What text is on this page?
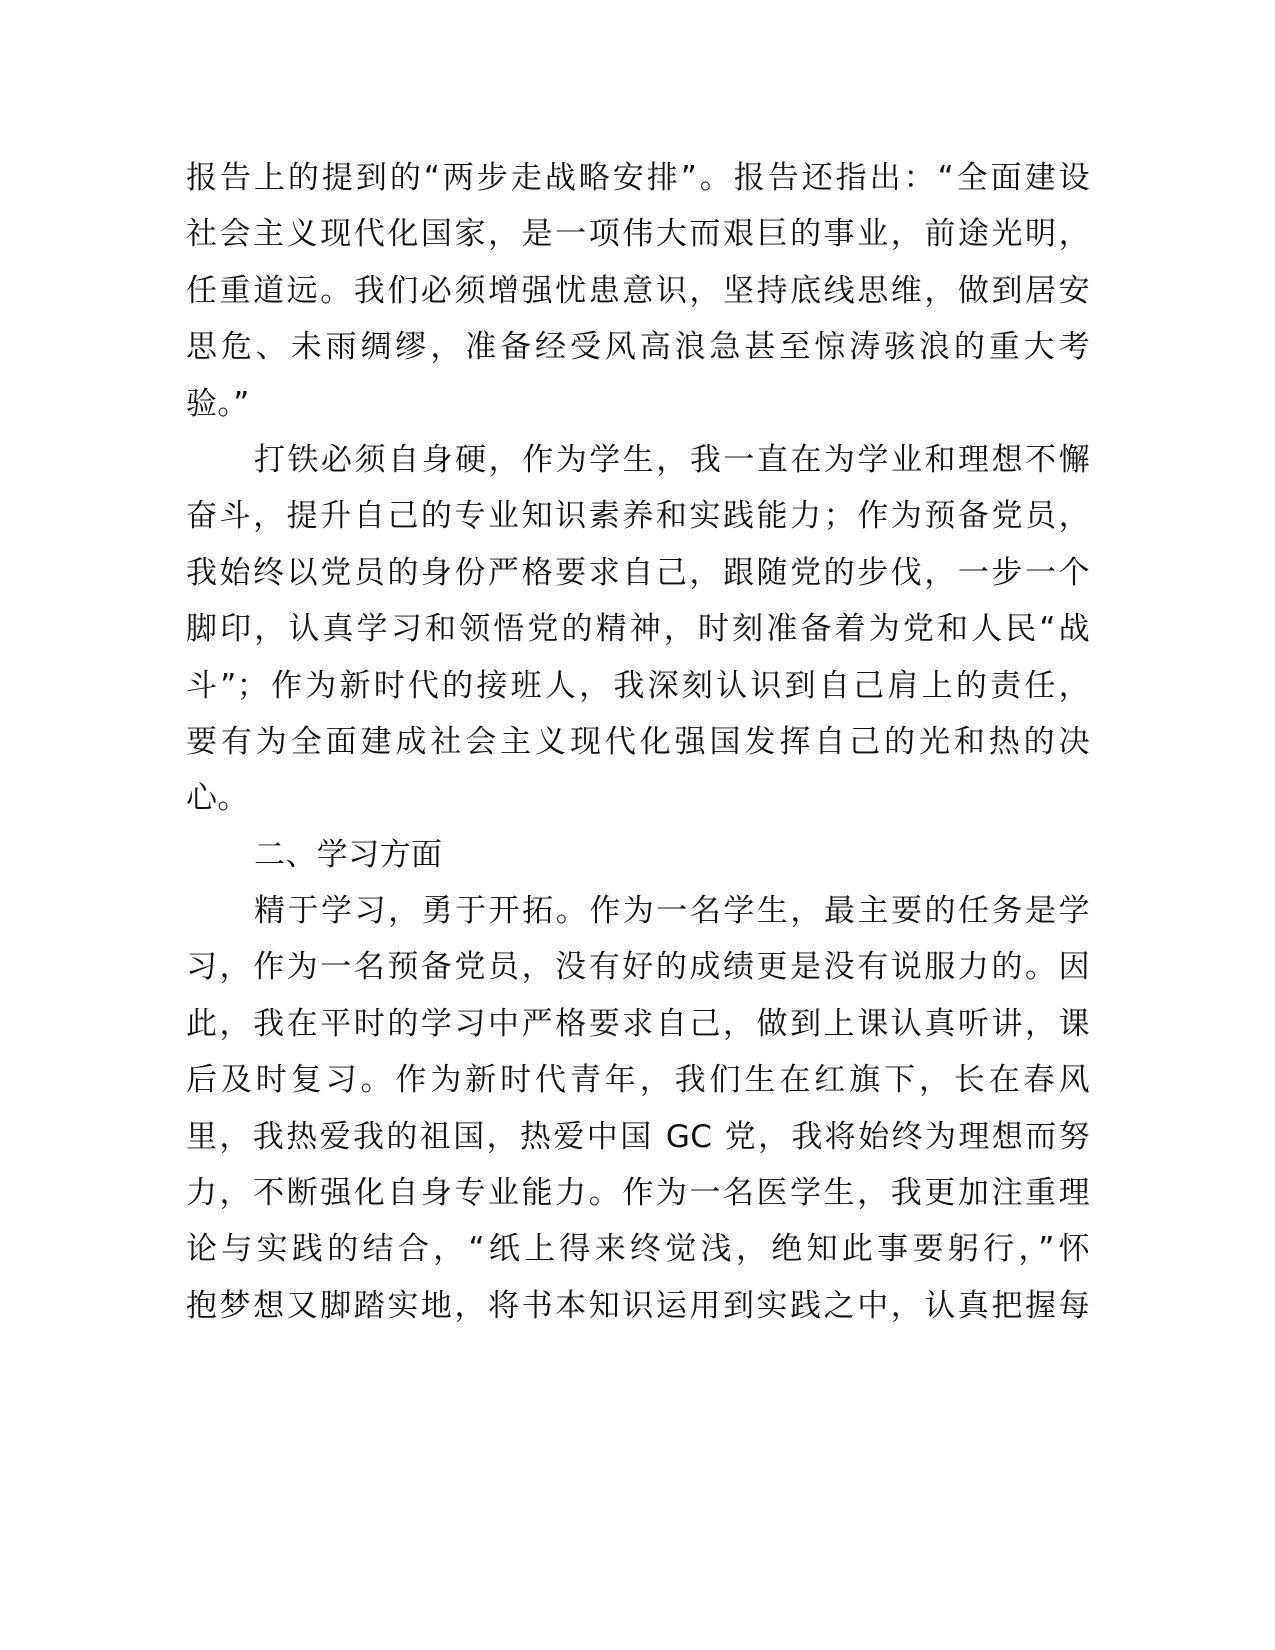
报告上的提到的“两步走战略安排”。报告还指出：“全面建设
社会主义现代化国家，是一项伟大而艰巨的事业，前途光明，
任重道远。我们必须增强忧患意识，坚持底线思维，做到居安
思危、未雨绸缪，准备经受风高浪急甚至惊涛骇浪的重大考
验。”
打铁必须自身硬，作为学生，我一直在为学业和理想不懈
奋斗，提升自己的专业知识素养和实践能力；作为预备党员，
我始终以党员的身份严格要求自己，跟随党的步伐，一步一个
脚印，认真学习和领悟党的精神，时刻准备着为党和人民“战
斗”；作为新时代的接班人，我深刻认识到自己肩上的责任，
要有为全面建成社会主义现代化强国发挥自己的光和热的决
心。
二、学习方面
精于学习，勇于开拓。作为一名学生，最主要的任务是学
习，作为一名预备党员，没有好的成绩更是没有说服力的。因
此，我在平时的学习中严格要求自己，做到上课认真听讲，课
后及时复习。作为新时代青年，我们生在红旗下，长在春风
里，我热爱我的祖国，热爱中国 GC 党，我将始终为理想而努
力，不断强化自身专业能力。作为一名医学生，我更加注重理
论与实践的结合，“纸上得来终觉浅，绝知此事要躬行，”怀
抱梦想又脚踏实地，将书本知识运用到实践之中，认真把握每
